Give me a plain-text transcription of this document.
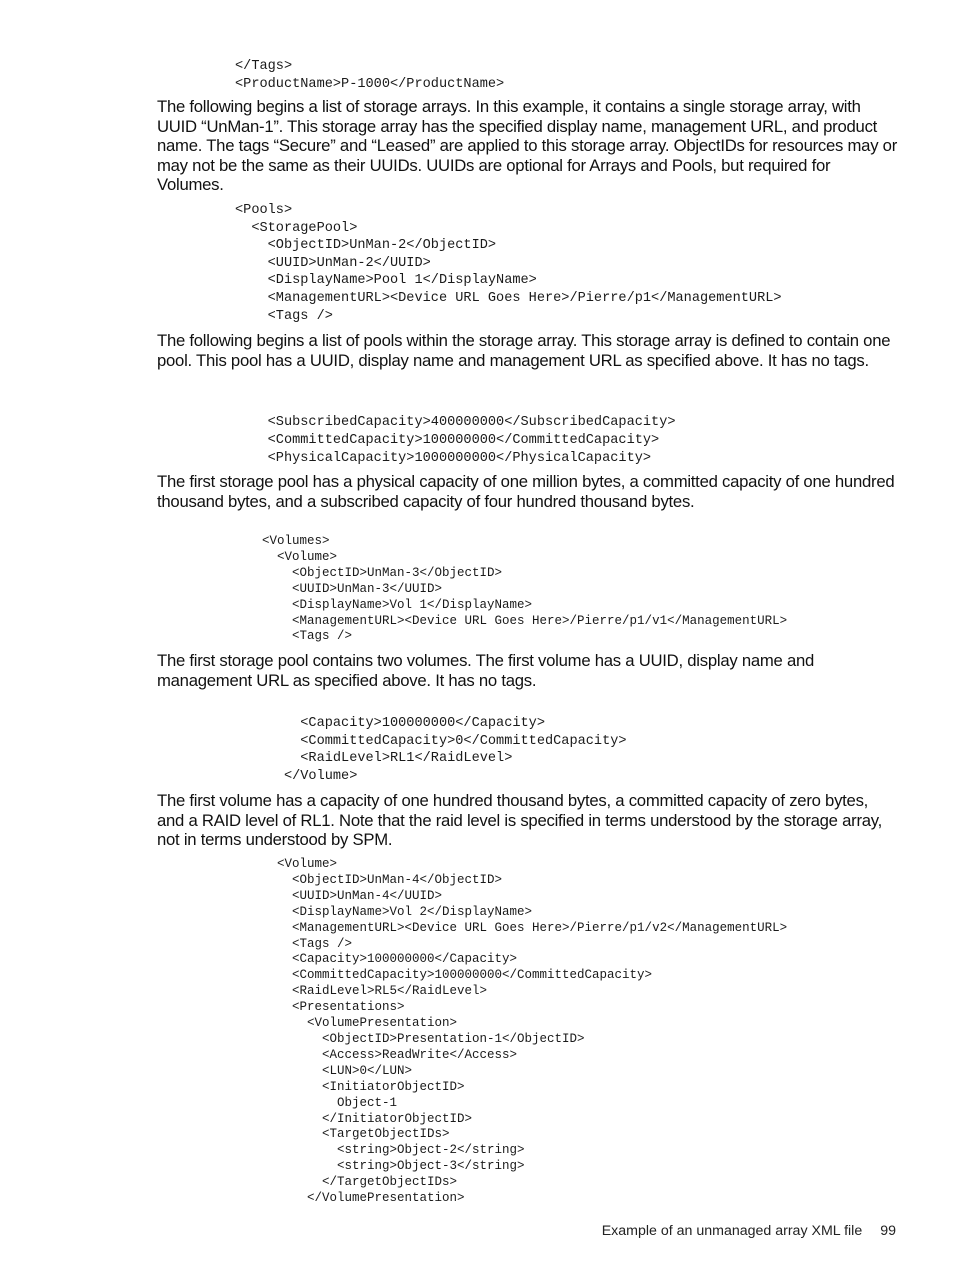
</Tags>
<ProductName>P-1000</ProductName>

The following begins a list of storage arrays. In this example, it contains a single storage array, with UUID “UnMan-1”. This storage array has the specified display name, management URL, and product name. The tags “Secure” and “Leased” are applied to this storage array. ObjectIDs for resources may or may not be the same as their UUIDs. UUIDs are optional for Arrays and Pools, but required for Volumes.

<Pools>
<StoragePool>
<ObjectID>UnMan-2</ObjectID>
<UUID>UnMan-2</UUID>
<DisplayName>Pool 1</DisplayName>
<ManagementURL><Device URL Goes Here>/Pierre/p1</ManagementURL>
<Tags />

The following begins a list of pools within the storage array. This storage array is defined to contain one pool. This pool has a UUID, display name and management URL as specified above. It has no tags.

<SubscribedCapacity>400000000</SubscribedCapacity>
<CommittedCapacity>100000000</CommittedCapacity>
<PhysicalCapacity>1000000000</PhysicalCapacity>

The first storage pool has a physical capacity of one million bytes, a committed capacity of one hundred thousand bytes, and a subscribed capacity of four hundred thousand bytes.

<Volumes>
<Volume>
<ObjectID>UnMan-3</ObjectID>
<UUID>UnMan-3</UUID>
<DisplayName>Vol 1</DisplayName>
<ManagementURL><Device URL Goes Here>/Pierre/p1/v1</ManagementURL>
<Tags />

The first storage pool contains two volumes. The first volume has a UUID, display name and management URL as specified above. It has no tags.

<Capacity>100000000</Capacity>
<CommittedCapacity>0</CommittedCapacity>
<RaidLevel>RL1</RaidLevel>
</Volume>

The first volume has a capacity of one hundred thousand bytes, a committed capacity of zero bytes, and a RAID level of RL1. Note that the raid level is specified in terms understood by the storage array, not in terms understood by SPM.

<Volume>
<ObjectID>UnMan-4</ObjectID>
<UUID>UnMan-4</UUID>
<DisplayName>Vol 2</DisplayName>
<ManagementURL><Device URL Goes Here>/Pierre/p1/v2</ManagementURL>
<Tags />
<Capacity>100000000</Capacity>
<CommittedCapacity>100000000</CommittedCapacity>
<RaidLevel>RL5</RaidLevel>
<Presentations>
<VolumePresentation>
<ObjectID>Presentation-1</ObjectID>
<Access>ReadWrite</Access>
<LUN>0</LUN>
<InitiatorObjectID>
Object-1
</InitiatorObjectID>
<TargetObjectIDs>
<string>Object-2</string>
<string>Object-3</string>
</TargetObjectIDs>
</VolumePresentation>
Example of an unmanaged array XML file 99
